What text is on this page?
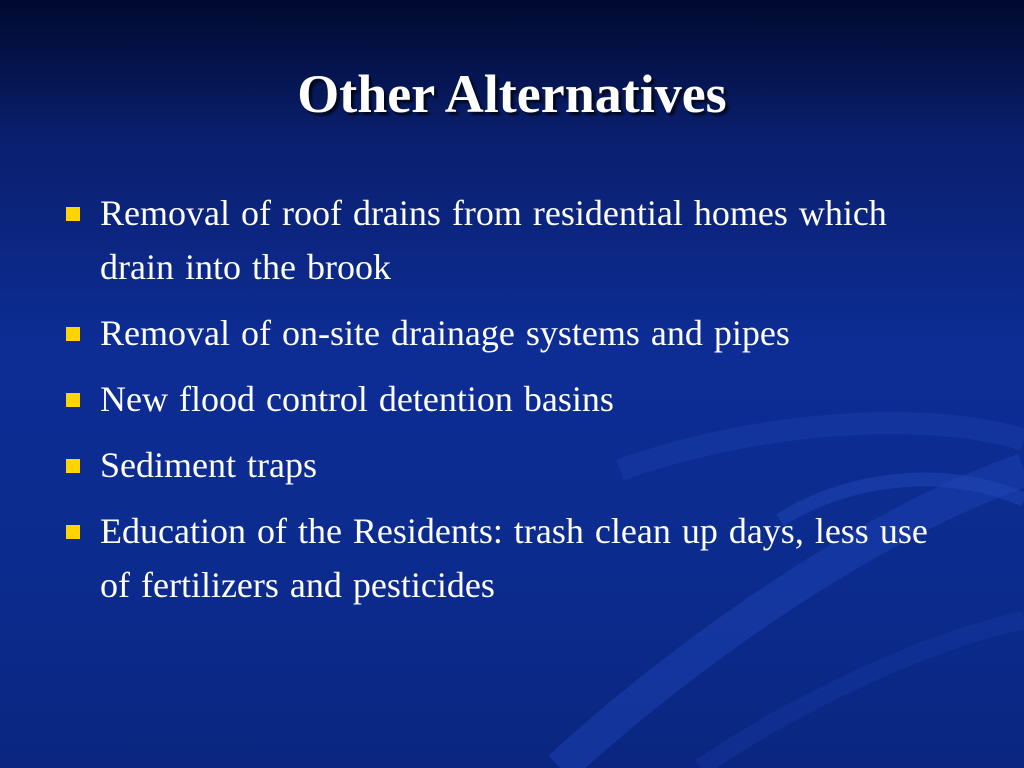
Other Alternatives
Removal of roof drains from residential homes which drain into the brook
Removal of on-site drainage systems and pipes
New flood control detention basins
Sediment traps
Education of the Residents: trash clean up days, less use of fertilizers and pesticides
